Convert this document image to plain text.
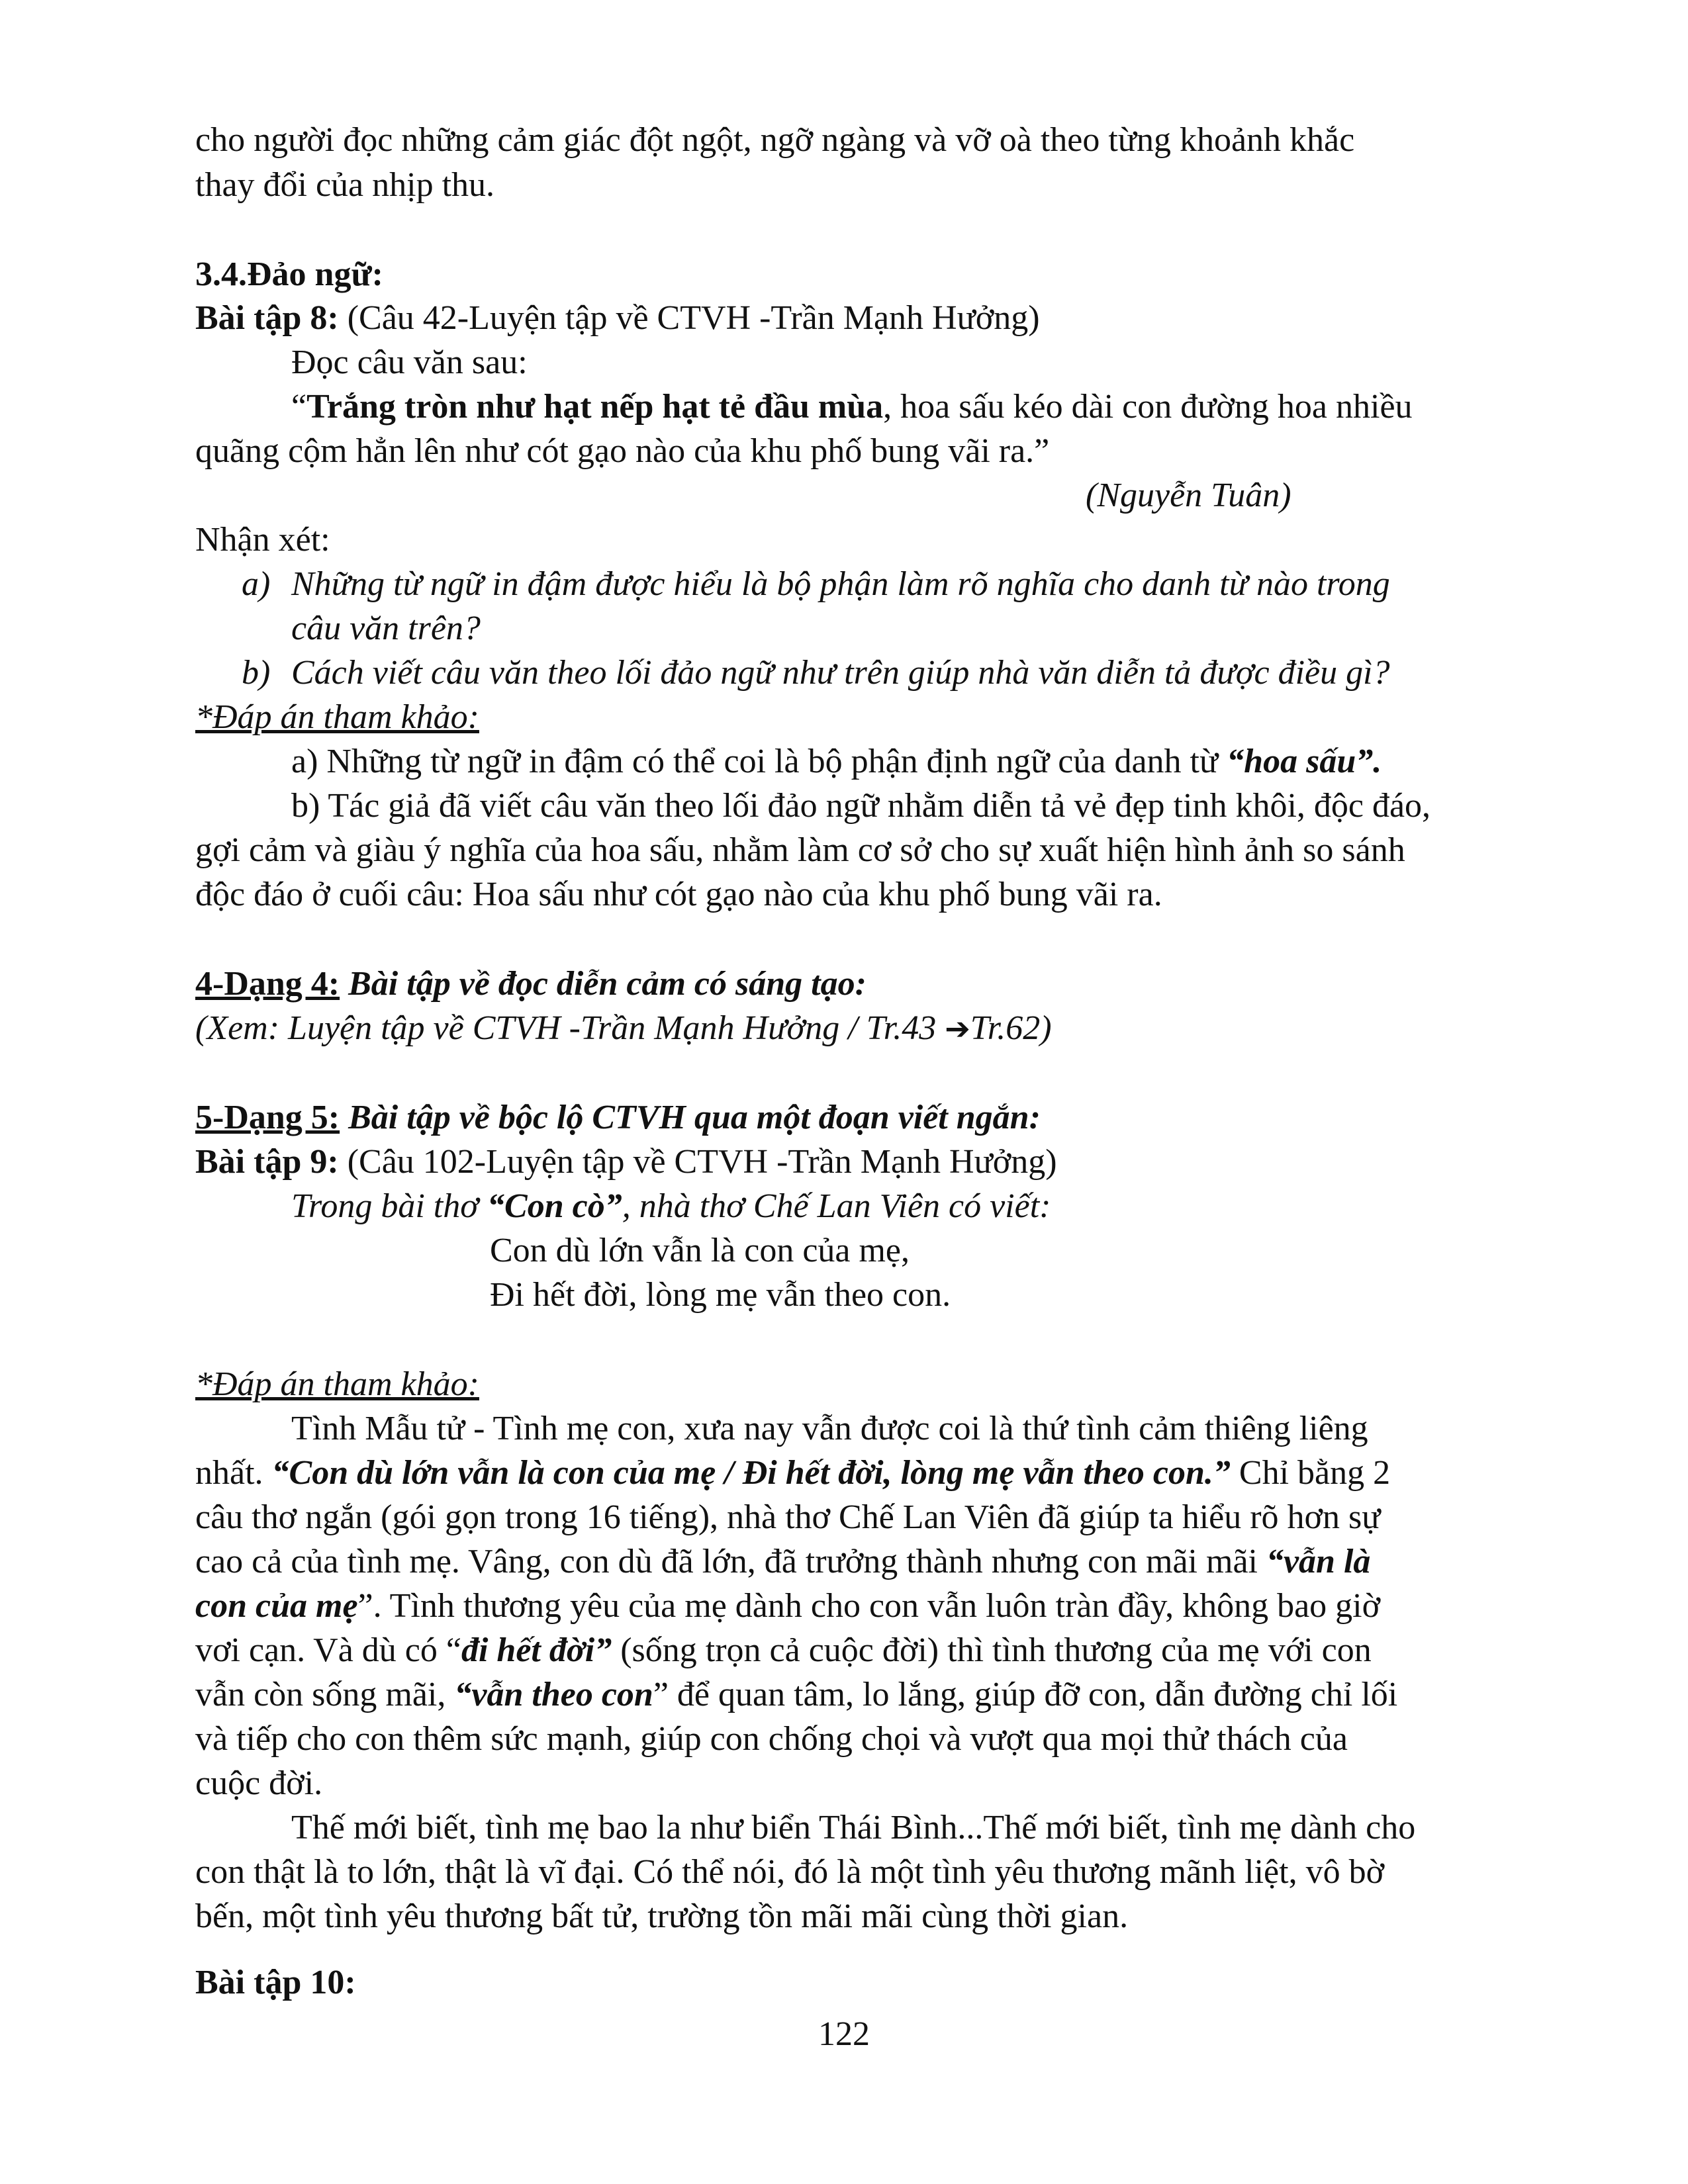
cho người đọc những cảm giác đột ngột, ngỡ ngàng và vỡ oà theo từng khoảnh khắc
thay đổi của nhịp thu.
3.4.Đảo ngữ:
Bài tập 8: (Câu 42-Luyện tập về CTVH -Trần Mạnh Hưởng)
Đọc câu văn sau:
“Trắng tròn như hạt nếp hạt tẻ đầu mùa, hoa sấu kéo dài con đường hoa nhiều
quãng cộm hẳn lên như cót gạo nào của khu phố bung vãi ra.”
(Nguyễn Tuân)
Nhận xét:
a) Những từ ngữ in đậm được hiểu là bộ phận làm rõ nghĩa cho danh từ nào trong
câu văn trên?
b) Cách viết câu văn theo lối đảo ngữ như trên giúp nhà văn diễn tả được điều gì?
*Đáp án tham khảo:
a) Những từ ngữ in đậm có thể coi là bộ phận định ngữ của danh từ “hoa sấu”.
b) Tác giả đã viết câu văn theo lối đảo ngữ nhằm diễn tả vẻ đẹp tinh khôi, độc đáo,
gợi cảm và giàu ý nghĩa của hoa sấu, nhằm làm cơ sở cho sự xuất hiện hình ảnh so sánh
độc đáo ở cuối câu: Hoa sấu như cót gạo nào của khu phố bung vãi ra.
4-Dạng 4: Bài tập về đọc diễn cảm có sáng tạo:
(Xem: Luyện tập về CTVH -Trần Mạnh Hưởng / Tr.43 ➔Tr.62)
5-Dạng 5: Bài tập về bộc lộ CTVH qua một đoạn viết ngắn:
Bài tập 9: (Câu 102-Luyện tập về CTVH -Trần Mạnh Hưởng)
Trong bài thơ “Con cò”, nhà thơ Chế Lan Viên có viết:
Con dù lớn vẫn là con của mẹ,
Đi hết đời, lòng mẹ vẫn theo con.
*Đáp án tham khảo:
Tình Mẫu tử - Tình mẹ con, xưa nay vẫn được coi là thứ tình cảm thiêng liêng
nhất. “Con dù lớn vẫn là con của mẹ / Đi hết đời, lòng mẹ vẫn theo con.” Chỉ bằng 2
câu thơ ngắn (gói gọn trong 16 tiếng), nhà thơ Chế Lan Viên đã giúp ta hiểu rõ hơn sự
cao cả của tình mẹ. Vâng, con dù đã lớn, đã trưởng thành nhưng con mãi mãi “vẫn là
con của mẹ”. Tình thương yêu của mẹ dành cho con vẫn luôn tràn đầy, không bao giờ
vơi cạn. Và dù có “đi hết đời” (sống trọn cả cuộc đời) thì tình thương của mẹ với con
vẫn còn sống mãi, “vẫn theo con” để quan tâm, lo lắng, giúp đỡ con, dẫn đường chỉ lối
và tiếp cho con thêm sức mạnh, giúp con chống chọi và vượt qua mọi thử thách của
cuộc đời.
Thế mới biết, tình mẹ bao la như biển Thái Bình...Thế mới biết, tình mẹ dành cho
con thật là to lớn, thật là vĩ đại. Có thể nói, đó là một tình yêu thương mãnh liệt, vô bờ
bến, một tình yêu thương bất tử, trường tồn mãi mãi cùng thời gian.
Bài tập 10:
122
